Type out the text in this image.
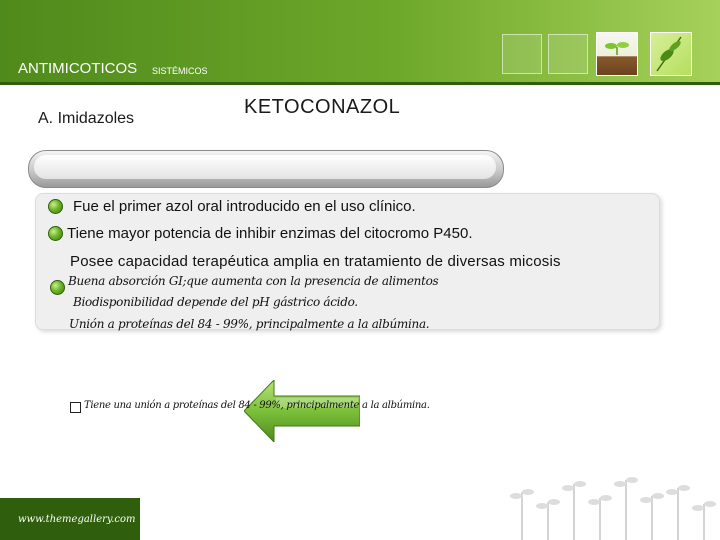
ANTIMICOTICOS SISTÉMICOS
A. Imidazoles
KETOCONAZOL
Fue el primer azol oral introducido en el uso clínico.
Tiene mayor potencia de inhibir enzimas del citocromo P450.
Posee capacidad terapéutica amplia en tratamiento de diversas micosis
Buena absorción GI;que aumenta con la presencia de alimentos
Biodisponibilidad depende del pH gástrico ácido.
Unión a proteínas del 84 - 99%, principalmente a la albúmina.
Tiene una unión a proteínas del 84 - 99%, principalmente a la albúmina.
www.themegallery.com
